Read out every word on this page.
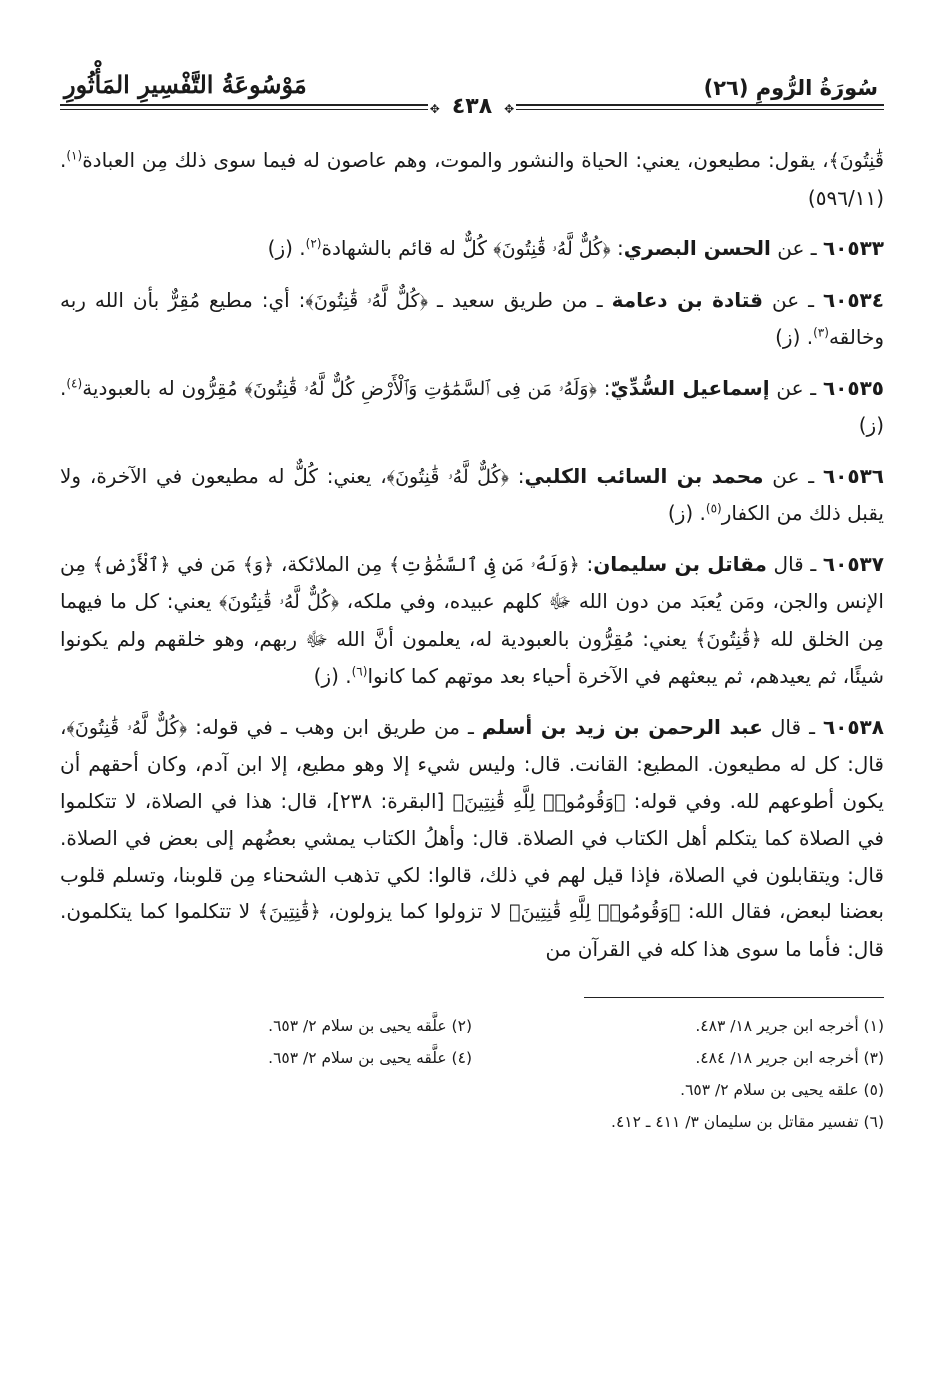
سُورَةُ الرُّومِ (٢٦)
مَوْسُوعَةُ التَّفْسِيرِ المَأْثُورِ
✥٤٣٨✥

قَٰنِتُونَ﴾، يقول: مطيعون، يعني: الحياة والنشور والموت، وهم عاصون له فيما سوى ذلك مِن العبادة$^{(١)}$. (٥٩٦/١١)

٦٠٥٣٣ ـ عن الحسن البصري: ﴿كُلٌّ لَّهُۥ قَٰنِتُونَ﴾ كُلٌّ له قائم بالشهادة$^{(٢)}$. (ز)

٦٠٥٣٤ ـ عن قتادة بن دعامة ـ من طريق سعيد ـ ﴿كُلٌّ لَّهُۥ قَٰنِتُونَ﴾: أي: مطيع مُقِرٌّ بأن الله ربه وخالقه$^{(٣)}$. (ز)

٦٠٥٣٥ ـ عن إسماعيل السُّدِّيّ: ﴿وَلَهُۥ مَن فِى ٱلسَّمَٰوَٰتِ وَٱلْأَرْضِ كُلٌّ لَّهُۥ قَٰنِتُونَ﴾ مُقِرُّون له بالعبودية$^{(٤)}$. (ز)

٦٠٥٣٦ ـ عن محمد بن السائب الكلبي: ﴿كُلٌّ لَّهُۥ قَٰنِتُونَ﴾، يعني: كُلٌّ له مطيعون في الآخرة، ولا يقبل ذلك من الكفار$^{(٥)}$. (ز)

٦٠٥٣٧ ـ قال مقاتل بن سليمان: ﴿وَلَهُۥ مَن فِى ٱلسَّمَٰوَٰتِ﴾ مِن الملائكة، ﴿وَ﴾ مَن في ﴿ٱلْأَرْضِ﴾ مِن الإنس والجن، ومَن يُعبَد من دون الله ﷻ كلهم عبيده، وفي ملكه، ﴿كُلٌّ لَّهُۥ قَٰنِتُونَ﴾ يعني: كل ما فيهما مِن الخلق لله ﴿قَٰنِتُونَ﴾ يعني: مُقِرُّون بالعبودية له، يعلمون أنَّ الله ﷻ ربهم، وهو خلقهم ولم يكونوا شيئًا، ثم يعيدهم، ثم يبعثهم في الآخرة أحياء بعد موتهم كما كانوا$^{(٦)}$. (ز)

٦٠٥٣٨ ـ قال عبد الرحمن بن زيد بن أسلم ـ من طريق ابن وهب ـ في قوله: ﴿كُلٌّ لَّهُۥ قَٰنِتُونَ﴾، قال: كل له مطيعون. المطيع: القانت. قال: وليس شيء إلا وهو مطيع، إلا ابن آدم، وكان أحقهم أن يكون أطوعهم لله. وفي قوله: ﴿وَقُومُوا۟ لِلَّهِ قَٰنِتِينَ﴾ [البقرة: ٢٣٨]، قال: هذا في الصلاة، لا تتكلموا في الصلاة كما يتكلم أهل الكتاب في الصلاة. قال: وأهلُ الكتاب يمشي بعضُهم إلى بعض في الصلاة. قال: ويتقابلون في الصلاة، فإذا قيل لهم في ذلك، قالوا: لكي تذهب الشحناء مِن قلوبنا، وتسلم قلوب بعضنا لبعض، فقال الله: ﴿وَقُومُوا۟ لِلَّهِ قَٰنِتِينَ﴾ لا تزولوا كما يزولون، ﴿قَٰنِتِينَ﴾ لا تتكلموا كما يتكلمون. قال: فأما ما سوى هذا كله في القرآن من

(١) أخرجه ابن جرير ١٨/ ٤٨٣.
(٢) علَّقه يحيى بن سلام ٢/ ٦٥٣.
(٣) أخرجه ابن جرير ١٨/ ٤٨٤.
(٤) علَّقه يحيى بن سلام ٢/ ٦٥٣.
(٥) علقه يحيى بن سلام ٢/ ٦٥٣.
(٦) تفسير مقاتل بن سليمان ٣/ ٤١١ ـ ٤١٢.
